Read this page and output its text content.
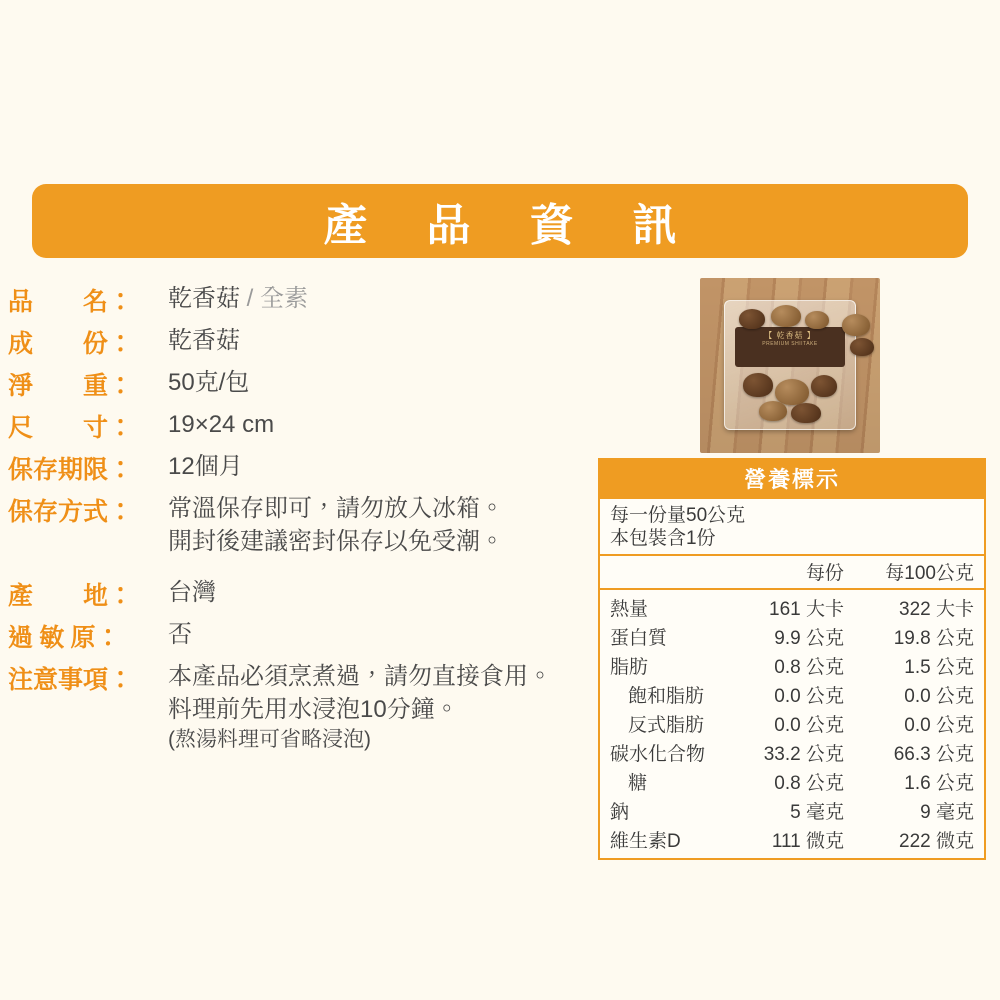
產 品 資 訊
品　　名：	乾香菇 / 全素
成　　份：	乾香菇
淨　　重：	50克/包
尺　　寸：	19×24 cm
保存期限：	12個月
保存方式：	常溫保存即可，請勿放入冰箱。
開封後建議密封保存以免受潮。
產　　地：	台灣
過 敏 原：	否
注意事項：	本產品必須烹煮過，請勿直接食用。
料理前先用水浸泡10分鐘。
(熬湯料理可省略浸泡)
【 乾香菇 】
PREMIUM SHIITAKE
營養標示
每一份量50公克
本包裝含1份
	每份	每100公克
熱量	161 大卡	322 大卡
蛋白質	9.9 公克	19.8 公克
脂肪	0.8 公克	1.5 公克
飽和脂肪	0.0 公克	0.0 公克
反式脂肪	0.0 公克	0.0 公克
碳水化合物	33.2 公克	66.3 公克
糖	0.8 公克	1.6 公克
鈉	5 毫克	9 毫克
維生素D	111 微克	222 微克
